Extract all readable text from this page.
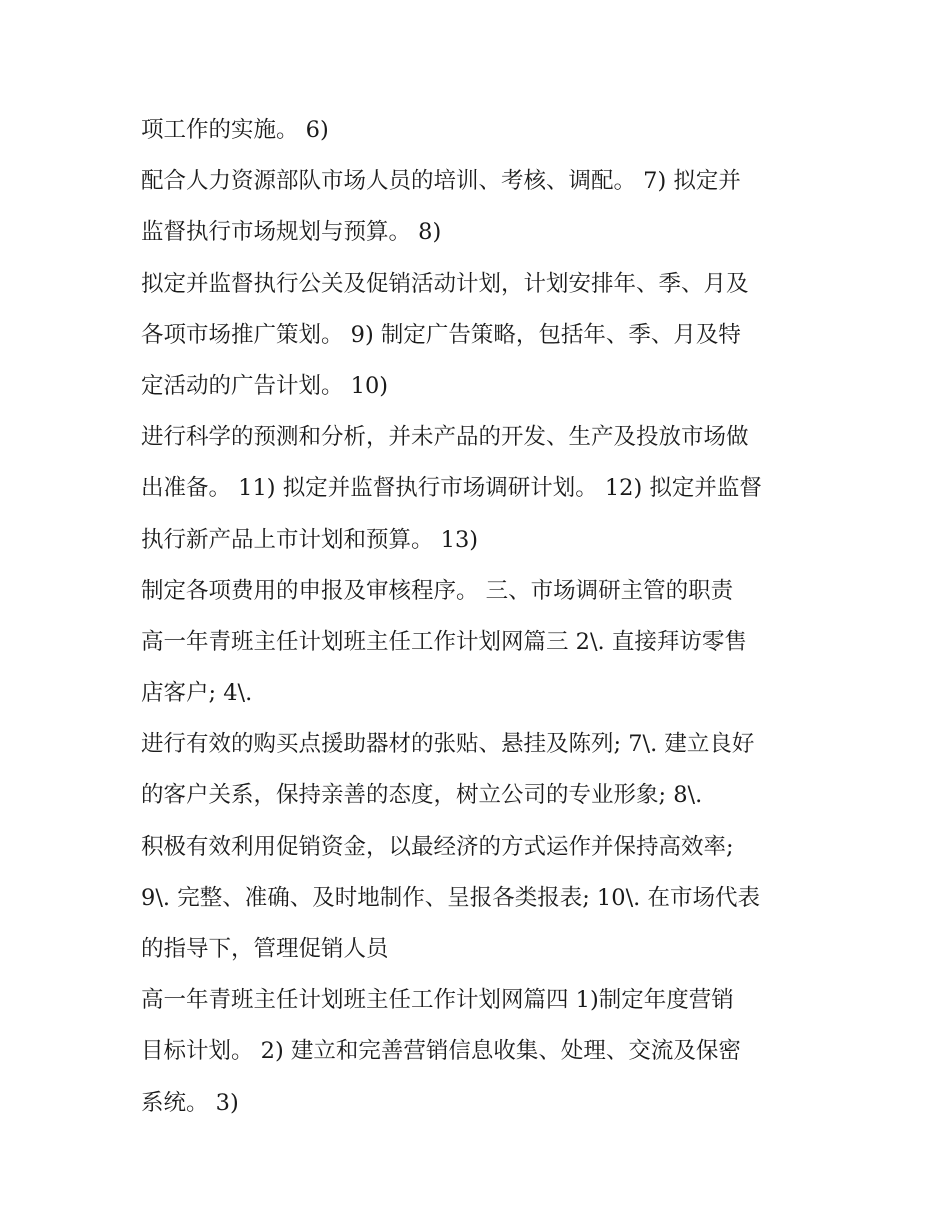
项工作的实施。 6)
配合人力资源部队市场人员的培训、考核、调配。 7) 拟定并
监督执行市场规划与预算。 8)
拟定并监督执行公关及促销活动计划，计划安排年、季、月及
各项市场推广策划。 9) 制定广告策略，包括年、季、月及特
定活动的广告计划。 10)
进行科学的预测和分析，并未产品的开发、生产及投放市场做
出准备。 11) 拟定并监督执行市场调研计划。 12) 拟定并监督
执行新产品上市计划和预算。 13)
制定各项费用的申报及审核程序。 三、市场调研主管的职责
高一年青班主任计划班主任工作计划网篇三 2\. 直接拜访零售
店客户; 4\.
进行有效的购买点援助器材的张贴、悬挂及陈列; 7\. 建立良好
的客户关系，保持亲善的态度，树立公司的专业形象; 8\.
积极有效利用促销资金，以最经济的方式运作并保持高效率;
9\. 完整、准确、及时地制作、呈报各类报表; 10\. 在市场代表
的指导下，管理促销人员
高一年青班主任计划班主任工作计划网篇四 1)制定年度营销
目标计划。 2) 建立和完善营销信息收集、处理、交流及保密
系统。 3)
